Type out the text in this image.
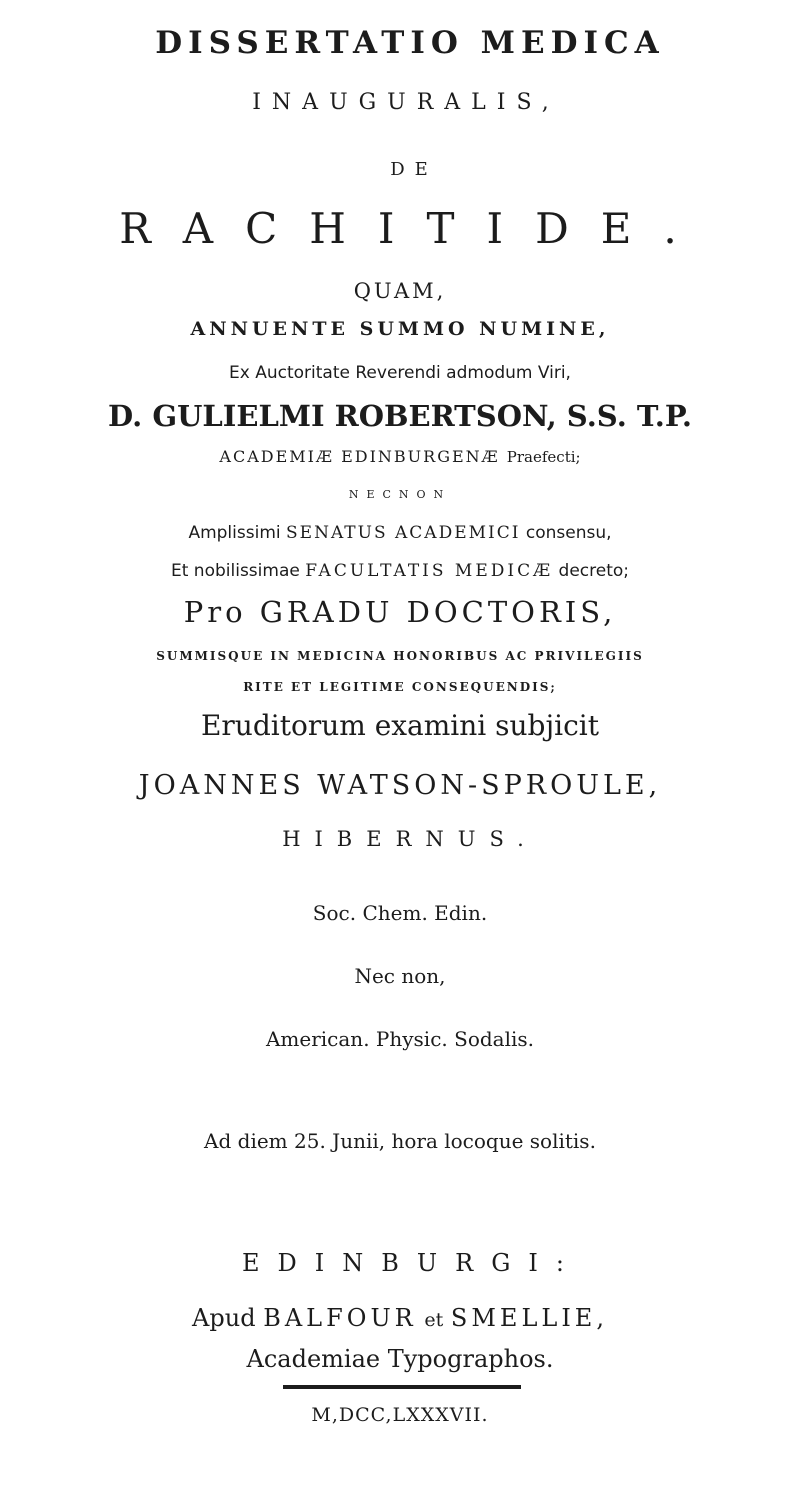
DISSERTATIO MEDICA
INAUGURALIS,
DE
RACHITIDE.
QUAM,
ANNUENTE SUMMO NUMINE,
Ex Auctoritate Reverendi admodum Viri,
D. GULIELMI ROBERTSON, S.S. T.P.
ACADEMIÆ EDINBURGENÆ Praefecti;
NECNON
Amplissimi SENATUS ACADEMICI consensu,
Et nobilissimae FACULTATIS MEDICÆ decreto;
Pro GRADU DOCTORIS,
SUMMISQUE IN MEDICINA HONORIBUS AC PRIVILEGIIS
RITE ET LEGITIME CONSEQUENDIS;
Eruditorum examini subjicit
JOANNES WATSON-SPROULE,
HIBERNUS.
Soc. Chem. Edin.
Nec non,
American. Physic. Sodalis.
Ad diem 25. Junii, hora locoque solitis.
EDINBURGI:
Apud BALFOUR et SMELLIE,
Academiae Typographos.
M,DCC,LXXXVII.
